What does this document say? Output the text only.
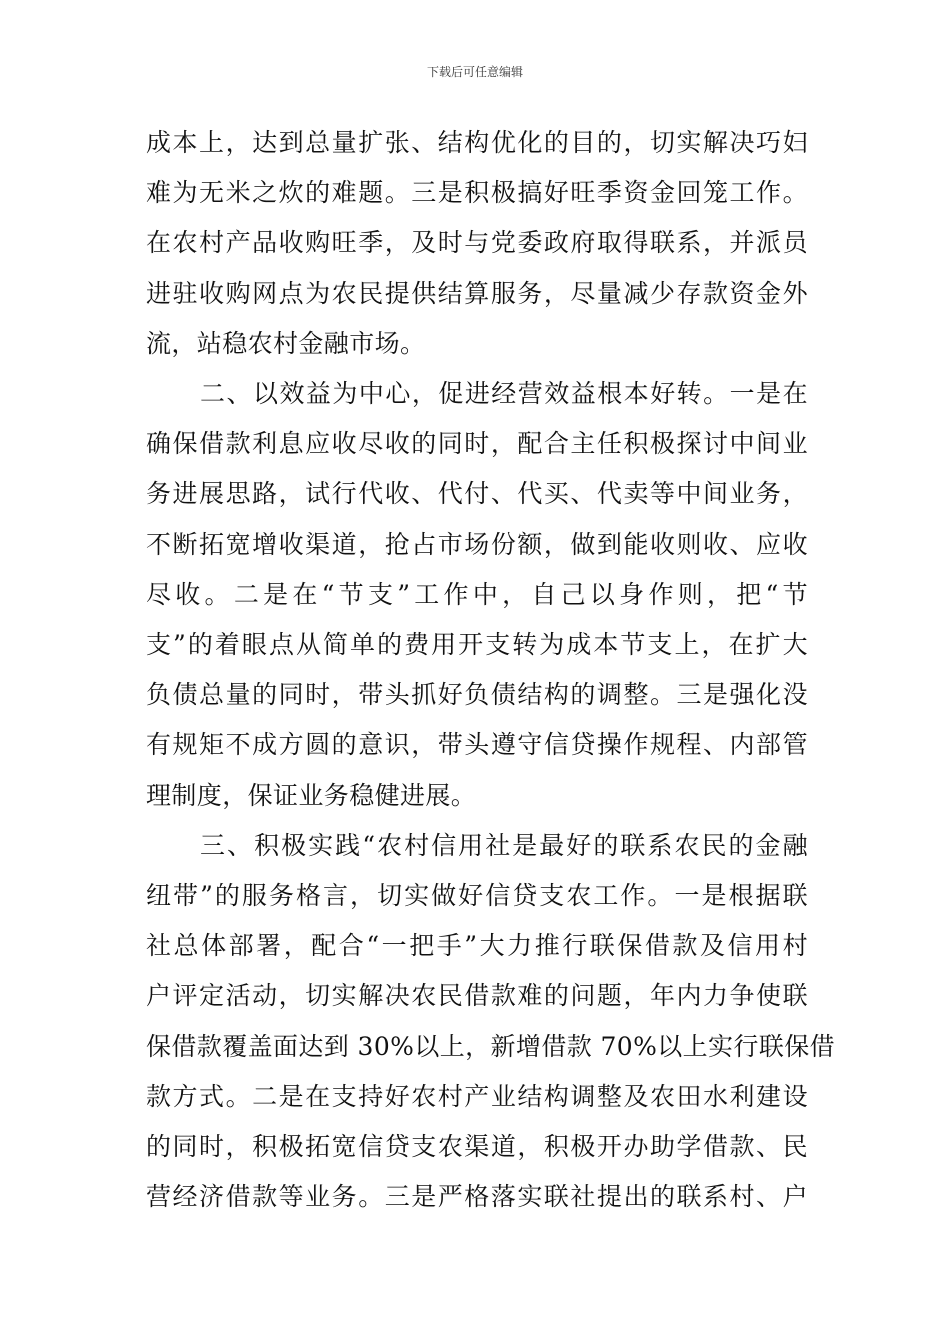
下载后可任意编辑
成本上，达到总量扩张、结构优化的目的，切实解决巧妇
难为无米之炊的难题。三是积极搞好旺季资金回笼工作。
在农村产品收购旺季，及时与党委政府取得联系，并派员
进驻收购网点为农民提供结算服务，尽量减少存款资金外
流，站稳农村金融市场。
二、以效益为中心，促进经营效益根本好转。一是在
确保借款利息应收尽收的同时，配合主任积极探讨中间业
务进展思路，试行代收、代付、代买、代卖等中间业务，
不断拓宽增收渠道，抢占市场份额，做到能收则收、应收
尽收。二是在“节支”工作中，自己以身作则，把“节
支”的着眼点从简单的费用开支转为成本节支上，在扩大
负债总量的同时，带头抓好负债结构的调整。三是强化没
有规矩不成方圆的意识，带头遵守信贷操作规程、内部管
理制度，保证业务稳健进展。
三、积极实践“农村信用社是最好的联系农民的金融
纽带”的服务格言，切实做好信贷支农工作。一是根据联
社总体部署，配合“一把手”大力推行联保借款及信用村
户评定活动，切实解决农民借款难的问题，年内力争使联
保借款覆盖面达到 30%以上，新增借款 70%以上实行联保借
款方式。二是在支持好农村产业结构调整及农田水利建设
的同时，积极拓宽信贷支农渠道，积极开办助学借款、民
营经济借款等业务。三是严格落实联社提出的联系村、户
